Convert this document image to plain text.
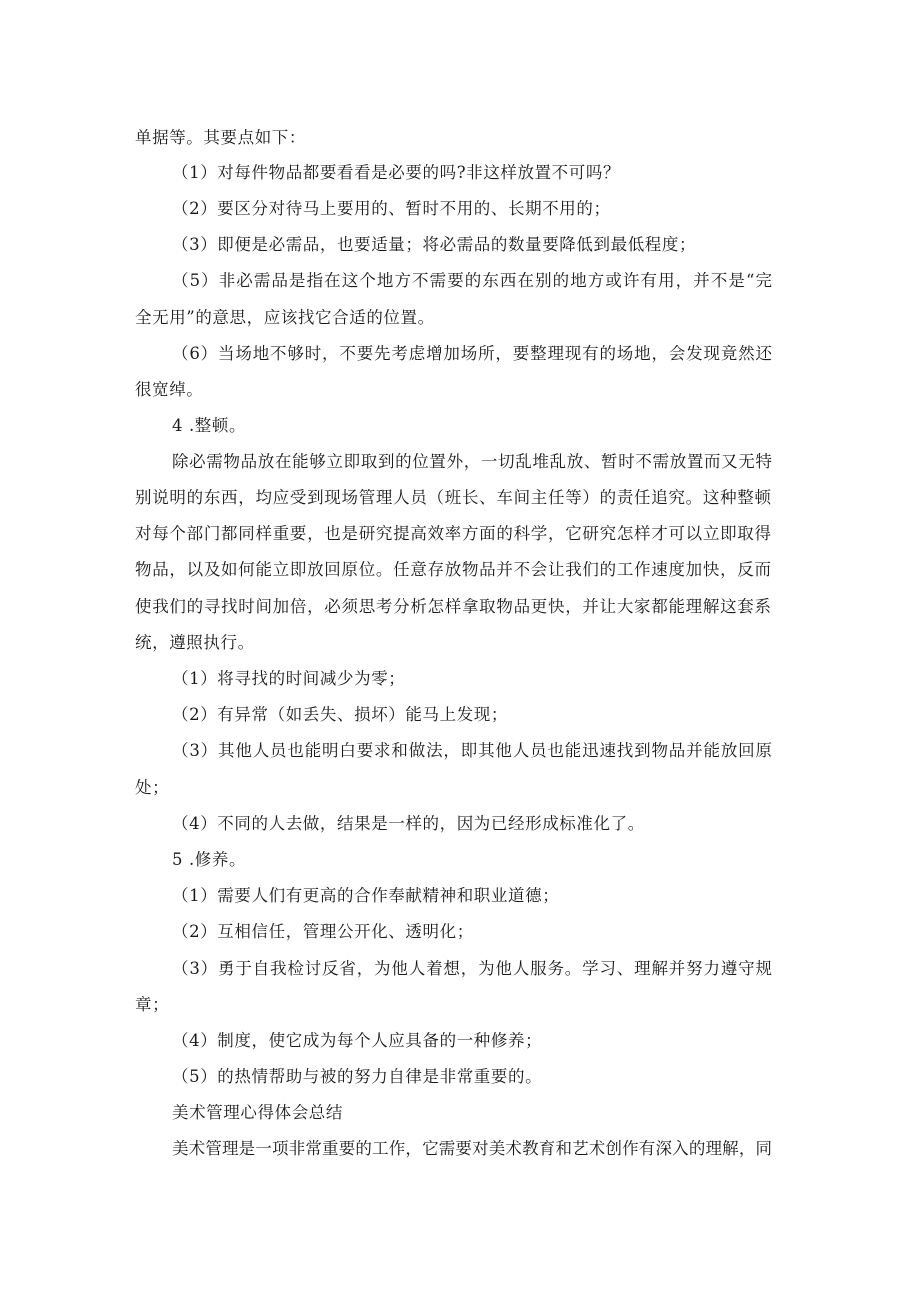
单据等。其要点如下：
（1）对每件物品都要看看是必要的吗?非这样放置不可吗？
（2）要区分对待马上要用的、暂时不用的、长期不用的；
（3）即便是必需品，也要适量；将必需品的数量要降低到最低程度；
（5）非必需品是指在这个地方不需要的东西在别的地方或许有用，并不是“完
全无用”的意思，应该找它合适的位置。
（6）当场地不够时，不要先考虑增加场所，要整理现有的场地，会发现竟然还
很宽绰。
4 .整顿。
除必需物品放在能够立即取到的位置外，一切乱堆乱放、暂时不需放置而又无特
别说明的东西，均应受到现场管理人员（班长、车间主任等）的责任追究。这种整顿
对每个部门都同样重要，也是研究提高效率方面的科学，它研究怎样才可以立即取得
物品，以及如何能立即放回原位。任意存放物品并不会让我们的工作速度加快，反而
使我们的寻找时间加倍，必须思考分析怎样拿取物品更快，并让大家都能理解这套系
统，遵照执行。
（1）将寻找的时间减少为零；
（2）有异常（如丢失、损坏）能马上发现；
（3）其他人员也能明白要求和做法，即其他人员也能迅速找到物品并能放回原
处；
（4）不同的人去做，结果是一样的，因为已经形成标准化了。
5 .修养。
（1）需要人们有更高的合作奉献精神和职业道德；
（2）互相信任，管理公开化、透明化；
（3）勇于自我检讨反省，为他人着想，为他人服务。学习、理解并努力遵守规
章；
（4）制度，使它成为每个人应具备的一种修养；
（5）的热情帮助与被的努力自律是非常重要的。
美术管理心得体会总结
美术管理是一项非常重要的工作，它需要对美术教育和艺术创作有深入的理解，同
